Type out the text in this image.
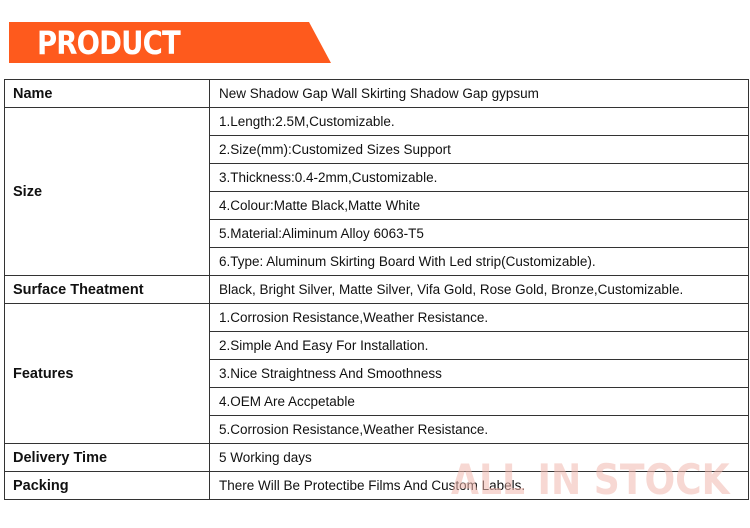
PRODUCT
Name	New Shadow Gap Wall Skirting Shadow Gap gypsum
Size	1.Length:2.5M,Customizable.
	2.Size(mm):Customized Sizes Support
	3.Thickness:0.4-2mm,Customizable.
	4.Colour:Matte Black,Matte White
	5.Material:Aliminum Alloy 6063-T5
	6.Type: Aluminum Skirting Board With Led strip(Customizable).
Surface Theatment	Black, Bright Silver, Matte Silver, Vifa Gold, Rose Gold, Bronze,Customizable.
Features	1.Corrosion Resistance,Weather Resistance.
	2.Simple And Easy For Installation.
	3.Nice Straightness And Smoothness
	4.OEM Are Accpetable
	5.Corrosion Resistance,Weather Resistance.
Delivery Time	5 Working days
Packing	There Will Be Protectibe Films And Custom Labels.
ALL IN STOCK
